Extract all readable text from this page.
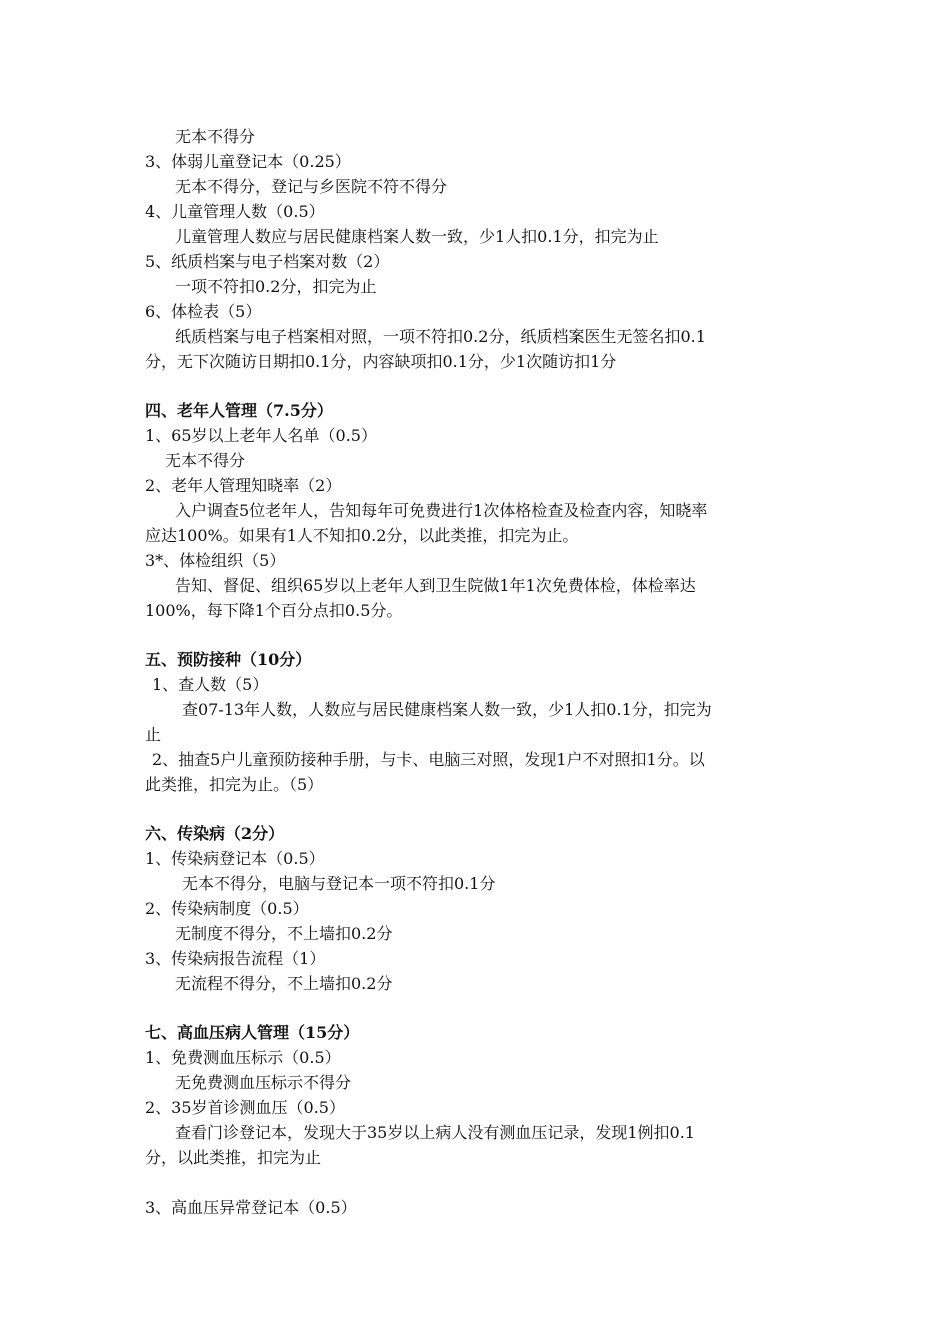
无本不得分
3、体弱儿童登记本（0.25）
无本不得分，登记与乡医院不符不得分
4、儿童管理人数（0.5）
儿童管理人数应与居民健康档案人数一致，少1人扣0.1分，扣完为止
5、纸质档案与电子档案对数（2）
一项不符扣0.2分，扣完为止
6、体检表（5）
纸质档案与电子档案相对照，一项不符扣0.2分，纸质档案医生无签名扣0.1
分，无下次随访日期扣0.1分，内容缺项扣0.1分，少1次随访扣1分
四、老年人管理（7.5分）
1、65岁以上老年人名单（0.5）
无本不得分
2、老年人管理知晓率（2）
入户调查5位老年人，告知每年可免费进行1次体格检查及检查内容，知晓率
应达100%。如果有1人不知扣0.2分，以此类推，扣完为止。
3*、体检组织（5）
告知、督促、组织65岁以上老年人到卫生院做1年1次免费体检，体检率达
100%，每下降1个百分点扣0.5分。
五、预防接种（10分）
1、查人数（5）
查07-13年人数，人数应与居民健康档案人数一致，少1人扣0.1分，扣完为
止
2、抽查5户儿童预防接种手册，与卡、电脑三对照，发现1户不对照扣1分。以
此类推，扣完为止。（5）
六、传染病（2分）
1、传染病登记本（0.5）
无本不得分，电脑与登记本一项不符扣0.1分
2、传染病制度（0.5）
无制度不得分，不上墙扣0.2分
3、传染病报告流程（1）
无流程不得分，不上墙扣0.2分
七、高血压病人管理（15分）
1、免费测血压标示（0.5）
无免费测血压标示不得分
2、35岁首诊测血压（0.5）
查看门诊登记本，发现大于35岁以上病人没有测血压记录，发现1例扣0.1
分，以此类推，扣完为止
3、高血压异常登记本（0.5）
